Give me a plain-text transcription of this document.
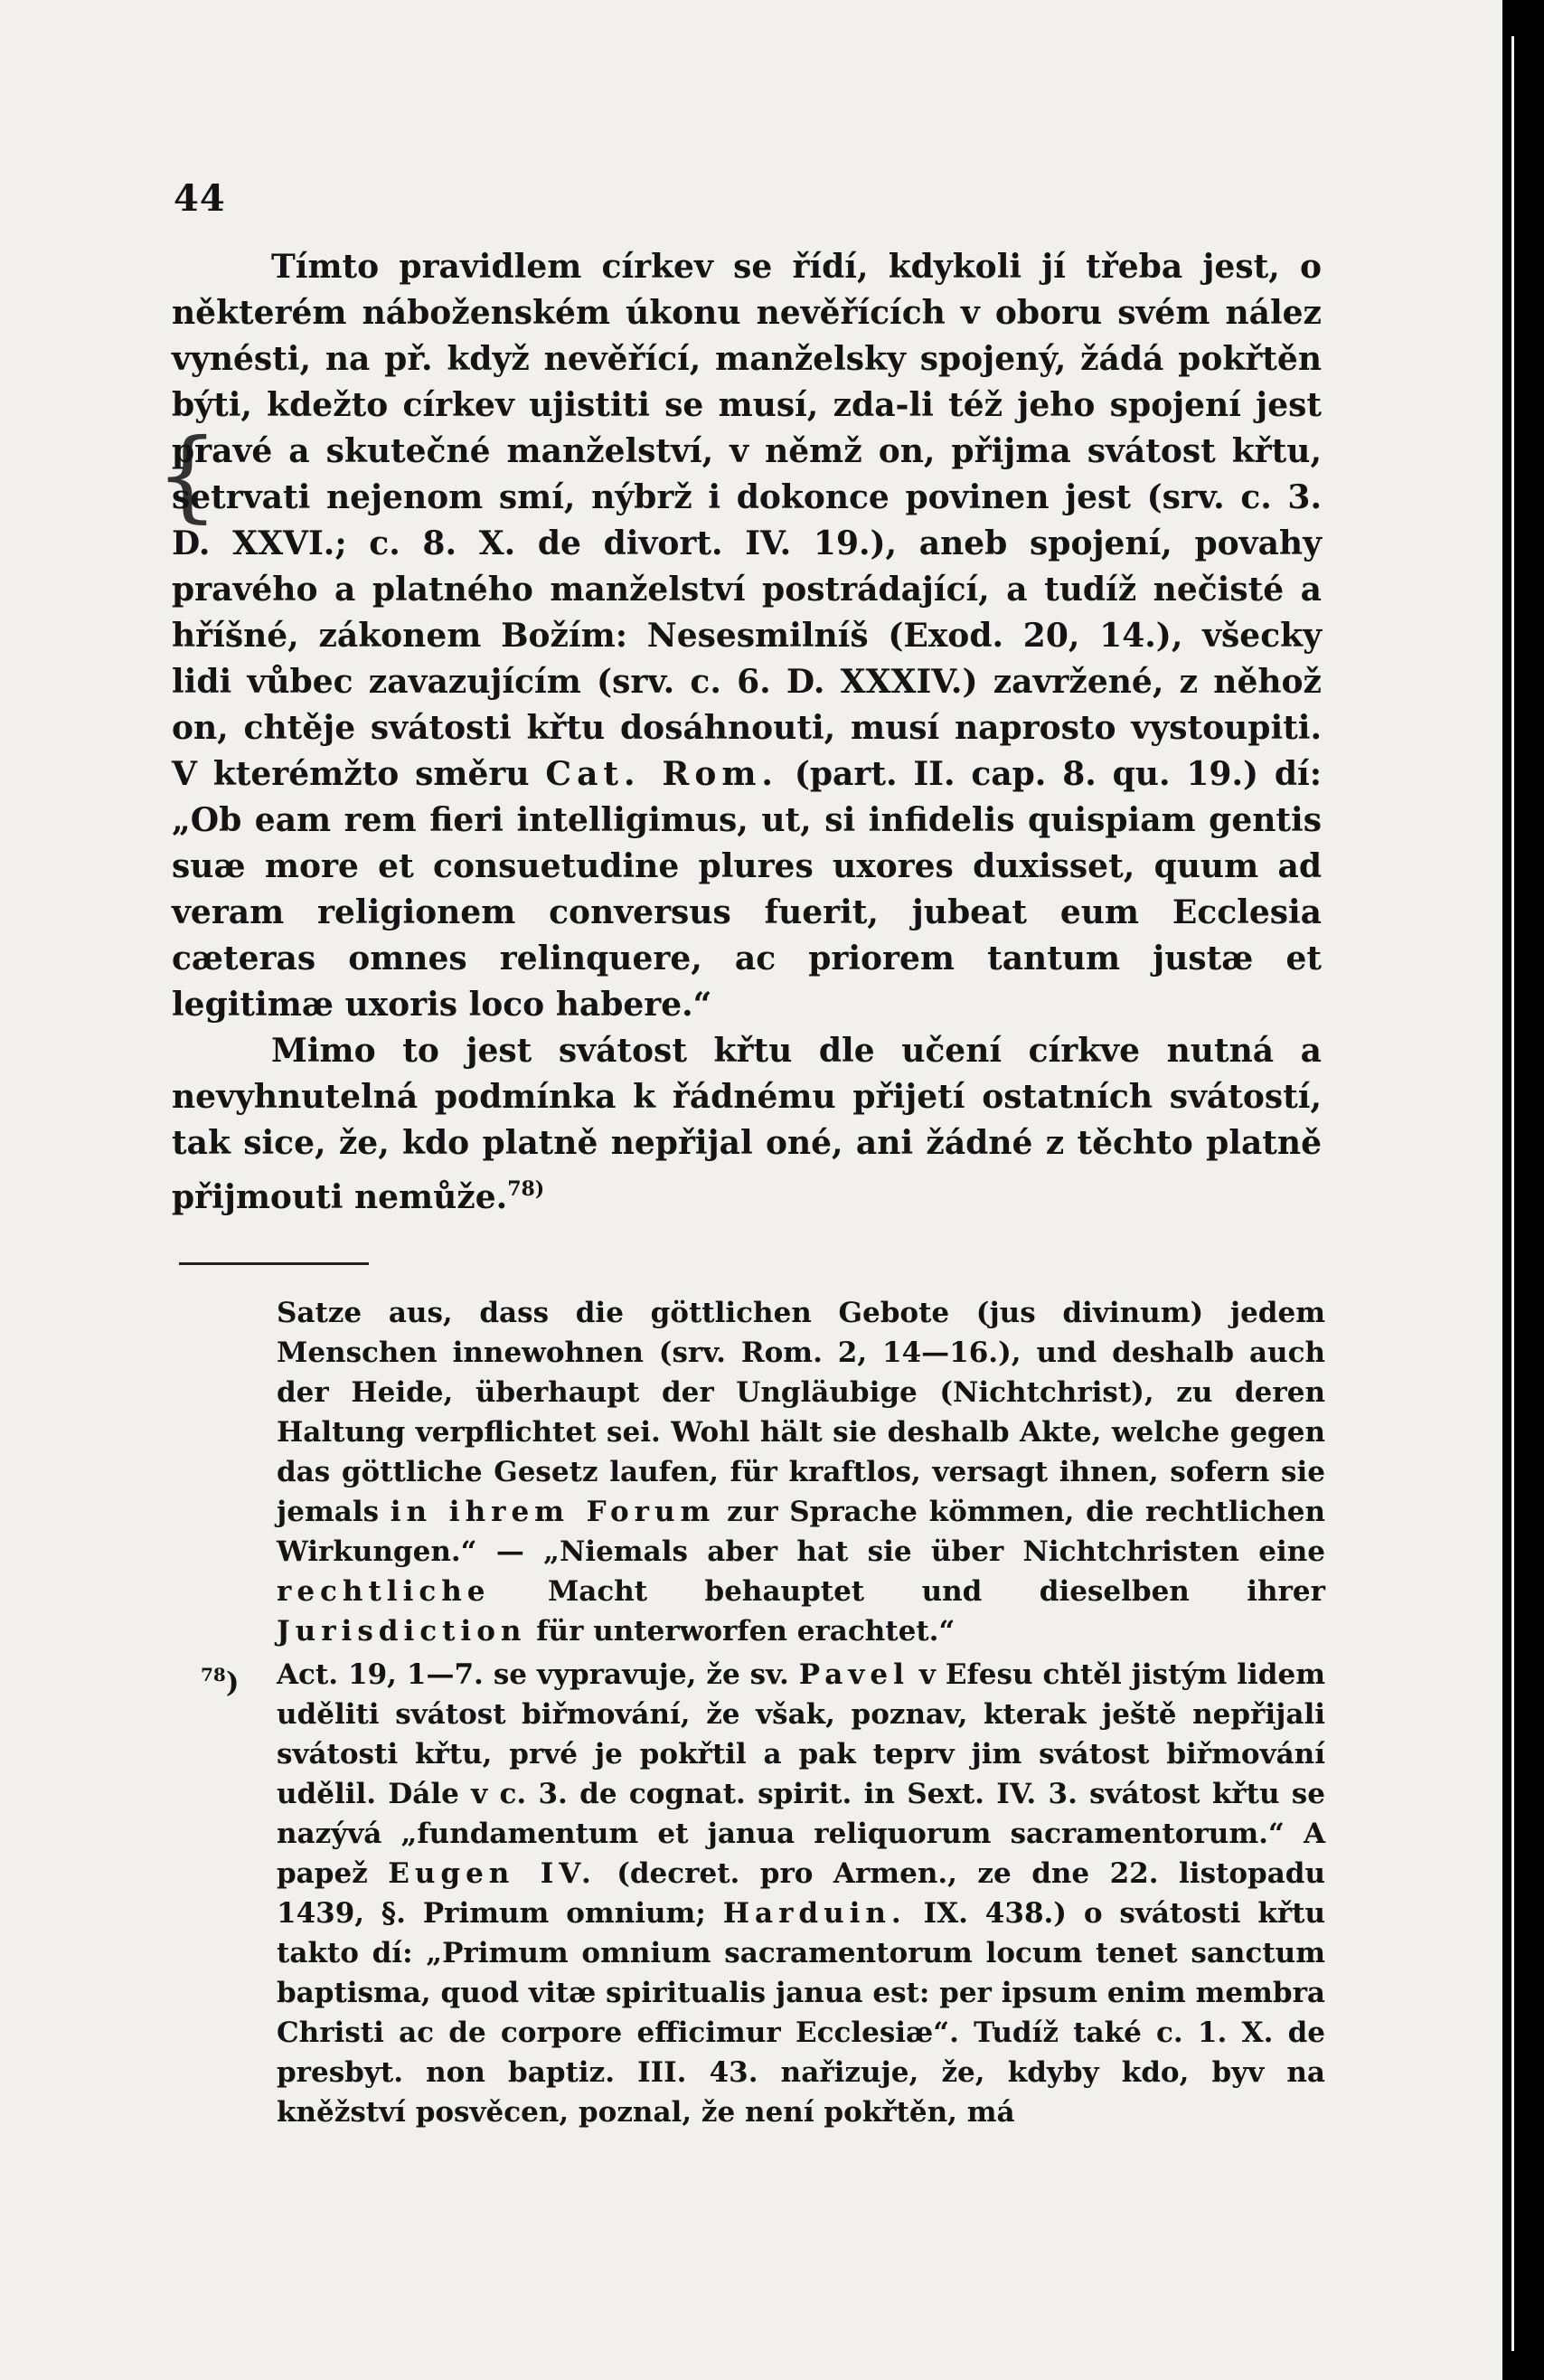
44
{

Tímto pravidlem církev se řídí, kdykoli jí třeba jest, o některém náboženském úkonu nevěřících v oboru svém nález vynésti, na př. když nevěřící, manželsky spojený, žádá pokřtěn býti, kdežto církev ujistiti se musí, zda-li též jeho spojení jest pravé a skutečné manželství, v němž on, přijma svátost křtu, setrvati nejenom smí, nýbrž i dokonce povinen jest (srv. c. 3. D. XXVI.; c. 8. X. de divort. IV. 19.), aneb spojení, povahy pravého a platného manželství postrádající, a tudíž nečisté a hříšné, zákonem Božím: Nesesmilníš (Exod. 20, 14.), všecky lidi vůbec zavazujícím (srv. c. 6. D. XXXIV.) zavržené, z něhož on, chtěje svátosti křtu dosáhnouti, musí naprosto vystoupiti. V kterémžto směru Cat. Rom. (part. II. cap. 8. qu. 19.) dí: „Ob eam rem fieri intelligimus, ut, si infidelis quispiam gentis suæ more et consuetudine plures uxores duxisset, quum ad veram religionem conversus fuerit, jubeat eum Ecclesia cæteras omnes relinquere, ac priorem tantum justæ et legitimæ uxoris loco habere.“

Mimo to jest svátost křtu dle učení církve nutná a nevyhnutelná podmínka k řádnému přijetí ostatních svátostí, tak sice, že, kdo platně nepřijal oné, ani žádné z těchto platně přijmouti nemůže.$^{78)}$

Satze aus, dass die göttlichen Gebote (jus divinum) jedem Menschen innewohnen (srv. Rom. 2, 14—16.), und deshalb auch der Heide, überhaupt der Ungläubige (Nichtchrist), zu deren Haltung verpflichtet sei. Wohl hält sie deshalb Akte, welche gegen das göttliche Gesetz laufen, für kraftlos, versagt ihnen, sofern sie jemals in ihrem Forum zur Sprache kömmen, die rechtlichen Wirkungen.“ — „Niemals aber hat sie über Nichtchristen eine rechtliche Macht behauptet und dieselben ihrer Jurisdiction für unterworfen erachtet.“

$^{78}$) Act. 19, 1—7. se vypravuje, že sv. Pavel v Efesu chtěl jistým lidem uděliti svátost biřmování, že však, poznav, kterak ještě nepřijali svátosti křtu, prvé je pokřtil a pak teprv jim svátost biřmování udělil. Dále v c. 3. de cognat. spirit. in Sext. IV. 3. svátost křtu se nazývá „fundamentum et janua reliquorum sacramentorum.“ A papež Eugen IV. (decret. pro Armen., ze dne 22. listopadu 1439, §. Primum omnium; Harduin. IX. 438.) o svátosti křtu takto dí: „Primum omnium sacramentorum locum tenet sanctum baptisma, quod vitæ spiritualis janua est: per ipsum enim membra Christi ac de corpore efficimur Ecclesiæ“. Tudíž také c. 1. X. de presbyt. non baptiz. III. 43. nařizuje, že, kdyby kdo, byv na kněžství posvěcen, poznal, že není pokřtěn, má
